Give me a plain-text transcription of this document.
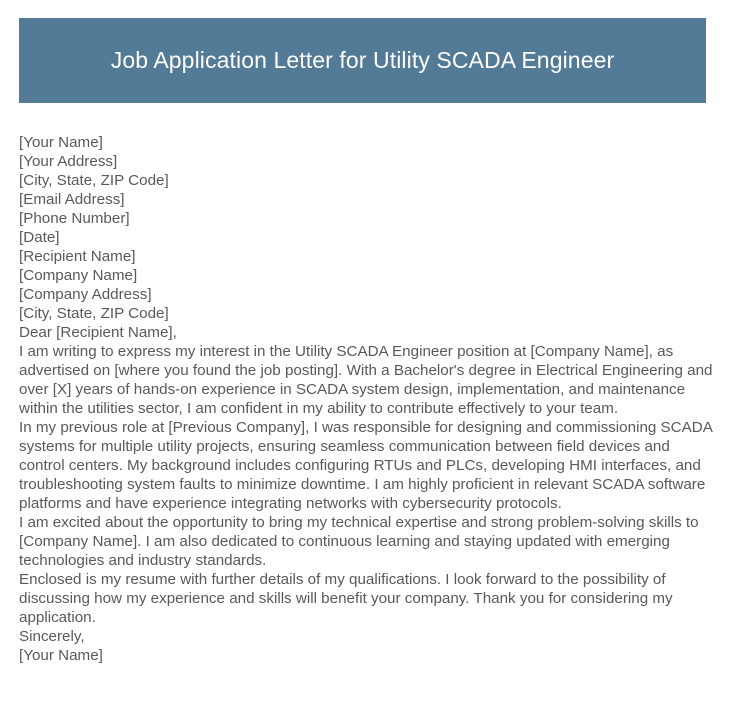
Job Application Letter for Utility SCADA Engineer
[Your Name]
[Your Address]
[City, State, ZIP Code]
[Email Address]
[Phone Number]
[Date]
[Recipient Name]
[Company Name]
[Company Address]
[City, State, ZIP Code]
Dear [Recipient Name],
I am writing to express my interest in the Utility SCADA Engineer position at [Company Name], as advertised on [where you found the job posting]. With a Bachelor's degree in Electrical Engineering and over [X] years of hands-on experience in SCADA system design, implementation, and maintenance within the utilities sector, I am confident in my ability to contribute effectively to your team.
In my previous role at [Previous Company], I was responsible for designing and commissioning SCADA systems for multiple utility projects, ensuring seamless communication between field devices and control centers. My background includes configuring RTUs and PLCs, developing HMI interfaces, and troubleshooting system faults to minimize downtime. I am highly proficient in relevant SCADA software platforms and have experience integrating networks with cybersecurity protocols.
I am excited about the opportunity to bring my technical expertise and strong problem-solving skills to [Company Name]. I am also dedicated to continuous learning and staying updated with emerging technologies and industry standards.
Enclosed is my resume with further details of my qualifications. I look forward to the possibility of discussing how my experience and skills will benefit your company. Thank you for considering my application.
Sincerely,
[Your Name]
